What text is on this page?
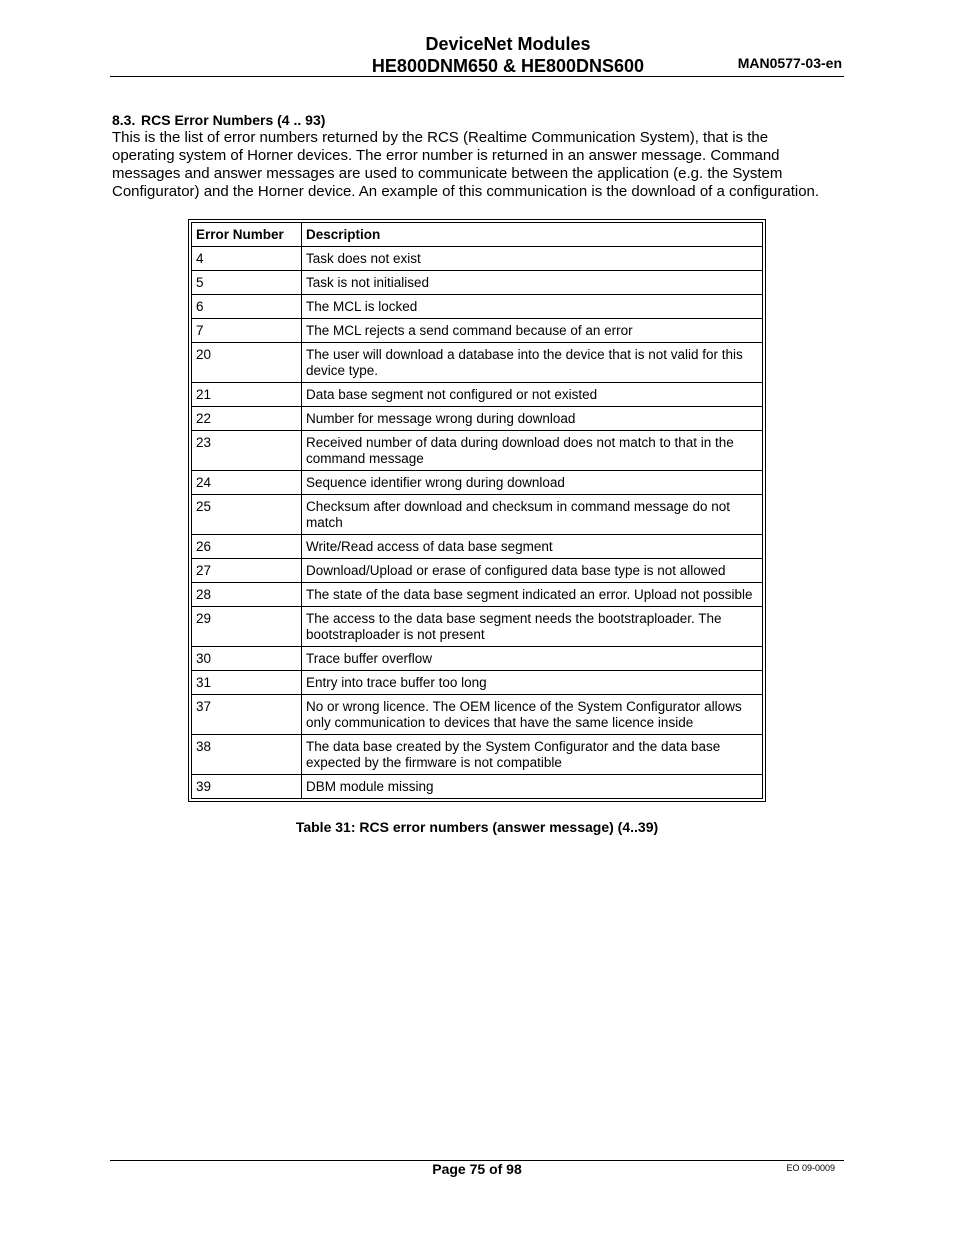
DeviceNet Modules
HE800DNM650 & HE800DNS600	MAN0577-03-en
8.3. RCS Error Numbers (4 .. 93)

This is the list of error numbers returned by the RCS (Realtime Communication System), that is the operating system of Horner devices. The error number is returned in an answer message. Command messages and answer messages are used to communicate between the application (e.g. the System Configurator) and the Horner device. An example of this communication is the download of a configuration.

Error Number	Description
4	Task does not exist
5	Task is not initialised
6	The MCL is locked
7	The MCL rejects a send command because of an error
20	The user will download a database into the device that is not valid for this device type.
21	Data base segment not configured or not existed
22	Number for message wrong during download
23	Received number of data during download does not match to that in the command message
24	Sequence identifier wrong during download
25	Checksum after download and checksum in command message do not match
26	Write/Read access of data base segment
27	Download/Upload or erase of configured data base type is not allowed
28	The state of the data base segment indicated an error. Upload not possible
29	The access to the data base segment needs the bootstraploader. The bootstraploader is not present
30	Trace buffer overflow
31	Entry into trace buffer too long
37	No or wrong licence. The OEM licence of the System Configurator allows only communication to devices that have the same licence inside
38	The data base created by the System Configurator and the data base expected by the firmware is not compatible
39	DBM module missing
Table 31: RCS error numbers (answer message) (4..39)
Page 75 of 98	EO 09-0009
